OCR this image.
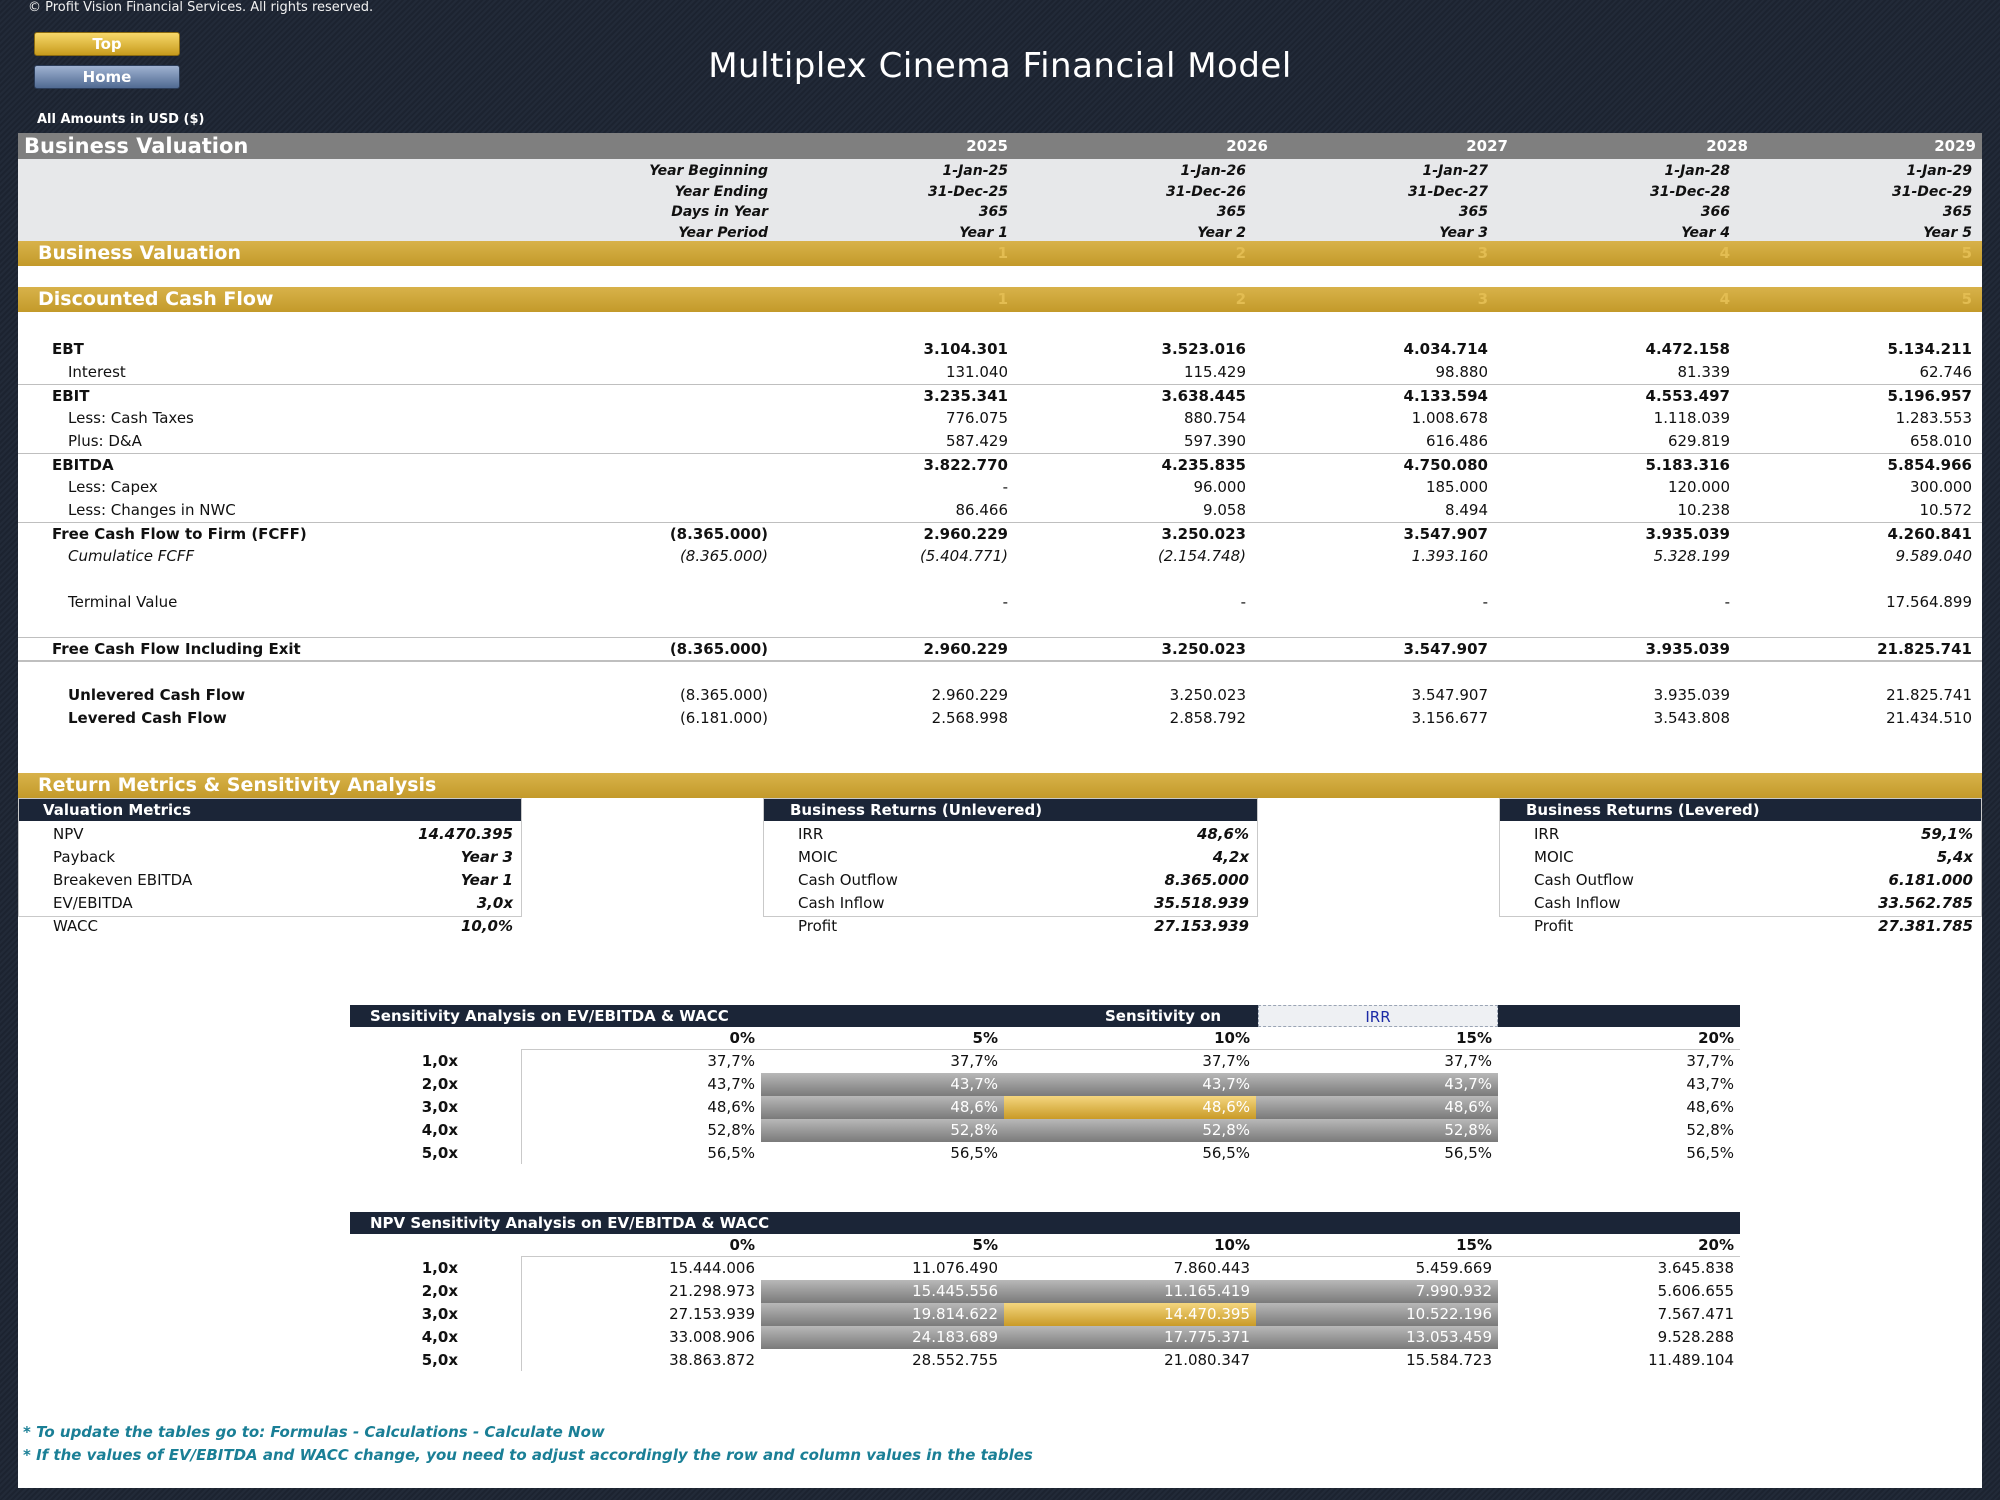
© Profit Vision Financial Services. All rights reserved.
Top
Home	Multiplex Cinema Financial Model
All Amounts in USD ($)
Business Valuation	2025	2026	2027	2028	2029
Year Beginning	1-Jan-25	1-Jan-26	1-Jan-27	1-Jan-28	1-Jan-29
Year Ending	31-Dec-25	31-Dec-26	31-Dec-27	31-Dec-28	31-Dec-29
Days in Year	365	365	365	366	365
Year Period	Year 1	Year 2	Year 3	Year 4	Year 5
Business Valuation	1	2	3	4	5
Discounted Cash Flow	1	2	3	4	5
EBT	3.104.301	3.523.016	4.034.714	4.472.158	5.134.211
Interest	131.040	115.429	98.880	81.339	62.746
EBIT	3.235.341	3.638.445	4.133.594	4.553.497	5.196.957
Less: Cash Taxes	776.075	880.754	1.008.678	1.118.039	1.283.553
Plus: D&A	587.429	597.390	616.486	629.819	658.010
EBITDA	3.822.770	4.235.835	4.750.080	5.183.316	5.854.966
Less: Capex	-	96.000	185.000	120.000	300.000
Less: Changes in NWC	86.466	9.058	8.494	10.238	10.572
Free Cash Flow to Firm (FCFF)	(8.365.000)	2.960.229	3.250.023	3.547.907	3.935.039	4.260.841
Cumulatice FCFF	(8.365.000)	(5.404.771)	(2.154.748)	1.393.160	5.328.199	9.589.040
Terminal Value	-	-	-	-	17.564.899
Free Cash Flow Including Exit	(8.365.000)	2.960.229	3.250.023	3.547.907	3.935.039	21.825.741
Unlevered Cash Flow	(8.365.000)	2.960.229	3.250.023	3.547.907	3.935.039	21.825.741
Levered Cash Flow	(6.181.000)	2.568.998	2.858.792	3.156.677	3.543.808	21.434.510
Return Metrics & Sensitivity Analysis
Valuation Metrics
NPV	14.470.395
Payback	Year 3
Breakeven EBITDA	Year 1
EV/EBITDA	3,0x
WACC	10,0%
Business Returns (Unlevered)
IRR	48,6%
MOIC	4,2x
Cash Outflow	8.365.000
Cash Inflow	35.518.939
Profit	27.153.939
Business Returns (Levered)
IRR	59,1%
MOIC	5,4x
Cash Outflow	6.181.000
Cash Inflow	33.562.785
Profit	27.381.785
Sensitivity Analysis on EV/EBITDA & WACC	Sensitivity on	IRR
0%	5%	10%	15%	20%
1,0x	37,7%	37,7%	37,7%	37,7%	37,7%
2,0x	43,7%	43,7%	43,7%	43,7%	43,7%
3,0x	48,6%	48,6%	48,6%	48,6%	48,6%
4,0x	52,8%	52,8%	52,8%	52,8%	52,8%
5,0x	56,5%	56,5%	56,5%	56,5%	56,5%
NPV Sensitivity Analysis on EV/EBITDA & WACC
0%	5%	10%	15%	20%
1,0x	15.444.006	11.076.490	7.860.443	5.459.669	3.645.838
2,0x	21.298.973	15.445.556	11.165.419	7.990.932	5.606.655
3,0x	27.153.939	19.814.622	14.470.395	10.522.196	7.567.471
4,0x	33.008.906	24.183.689	17.775.371	13.053.459	9.528.288
5,0x	38.863.872	28.552.755	21.080.347	15.584.723	11.489.104
* To update the tables go to: Formulas - Calculations - Calculate Now
* If the values of EV/EBITDA and WACC change, you need to adjust accordingly the row and column values in the tables
